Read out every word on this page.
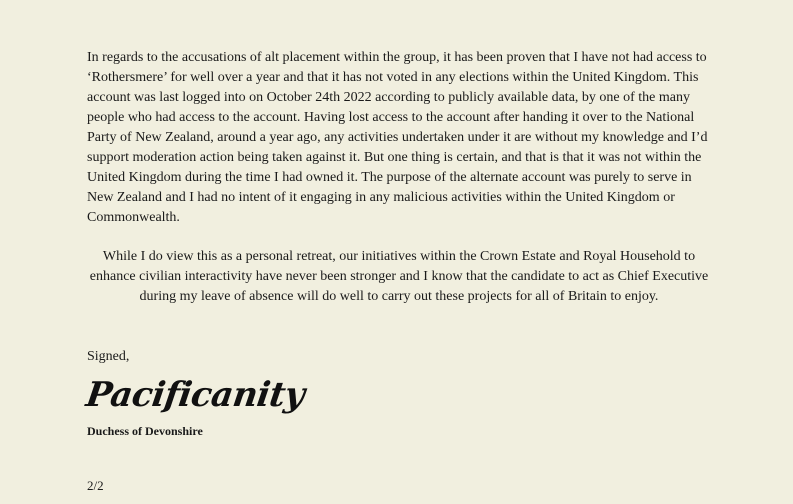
In regards to the accusations of alt placement within the group, it has been proven that I have not had access to ‘Rothersmere’ for well over a year and that it has not voted in any elections within the United Kingdom. This account was last logged into on October 24th 2022 according to publicly available data, by one of the many people who had access to the account. Having lost access to the account after handing it over to the National Party of New Zealand, around a year ago, any activities undertaken under it are without my knowledge and I’d support moderation action being taken against it. But one thing is certain, and that is that it was not within the United Kingdom during the time I had owned it. The purpose of the alternate account was purely to serve in New Zealand and I had no intent of it engaging in any malicious activities within the United Kingdom or Commonwealth.

While I do view this as a personal retreat, our initiatives within the Crown Estate and Royal Household to enhance civilian interactivity have never been stronger and I know that the candidate to act as Chief Executive during my leave of absence will do well to carry out these projects for all of Britain to enjoy.

Signed,

Pacificanity

Duchess of Devonshire

2/2
